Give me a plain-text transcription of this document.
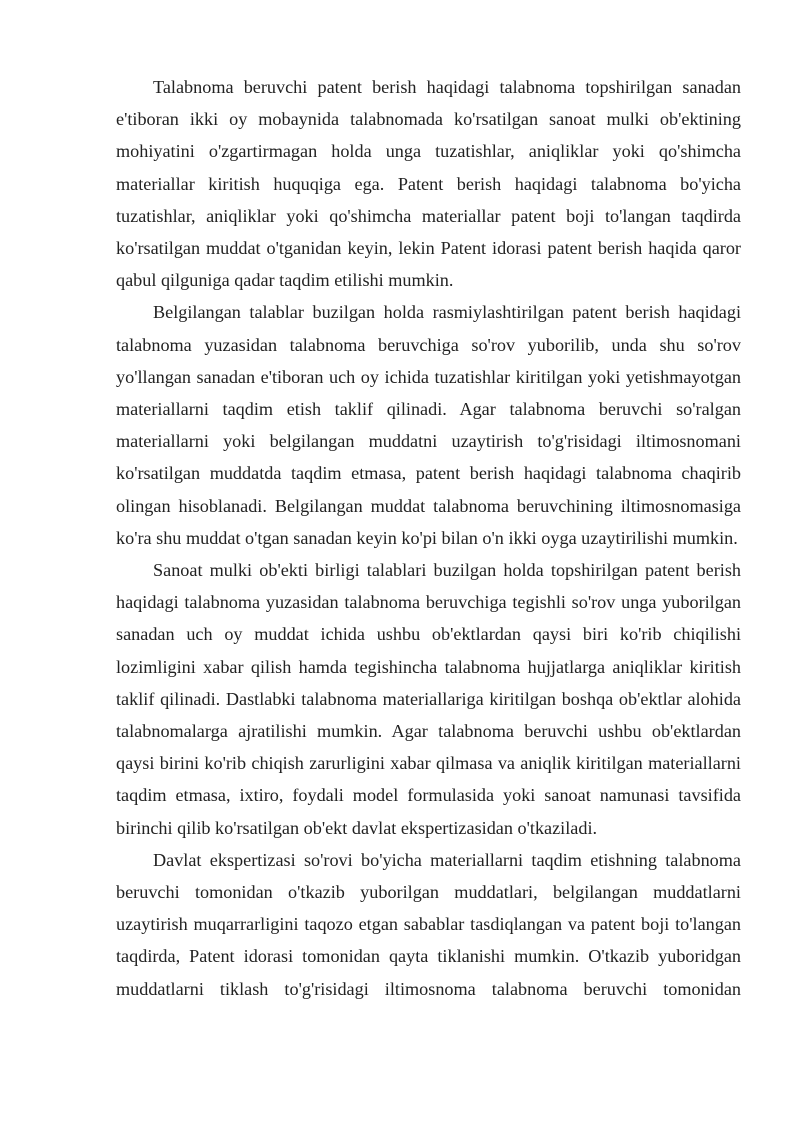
Talabnoma beruvchi patent berish haqidagi talabnoma topshirilgan sanadan e'tiboran ikki oy mobaynida talabnomada ko'rsatilgan sanoat mulki ob'ektining mohiyatini o'zgartirmagan holda unga tuzatishlar, aniqliklar yoki qo'shimcha materiallar kiritish huquqiga ega. Patent berish haqidagi talabnoma bo'yicha tuzatishlar, aniqliklar yoki qo'shimcha materiallar patent boji to'langan taqdirda ko'rsatilgan muddat o'tganidan keyin, lekin Patent idorasi patent berish haqida qaror qabul qilguniga qadar taqdim etilishi mumkin.

Belgilangan talablar buzilgan holda rasmiylashtirilgan patent berish haqidagi talabnoma yuzasidan talabnoma beruvchiga so'rov yuborilib, unda shu so'rov yo'llangan sanadan e'tiboran uch oy ichida tuzatishlar kiritilgan yoki yetishmayotgan materiallarni taqdim etish taklif qilinadi. Agar talabnoma beruvchi so'ralgan materiallarni yoki belgilangan muddatni uzaytirish to'g'risidagi iltimosnomani ko'rsatilgan muddatda taqdim etmasa, patent berish haqidagi talabnoma chaqirib olingan hisoblanadi. Belgilangan muddat talabnoma beruvchining iltimosnomasiga ko'ra shu muddat o'tgan sanadan keyin ko'pi bilan o'n ikki oyga uzaytirilishi mumkin.

Sanoat mulki ob'ekti birligi talablari buzilgan holda topshirilgan patent berish haqidagi talabnoma yuzasidan talabnoma beruvchiga tegishli so'rov unga yuborilgan sanadan uch oy muddat ichida ushbu ob'ektlardan qaysi biri ko'rib chiqilishi lozimligini xabar qilish hamda tegishincha talabnoma hujjatlarga aniqliklar kiritish taklif qilinadi. Dastlabki talabnoma materiallariga kiritilgan boshqa ob'ektlar alohida talabnomalarga ajratilishi mumkin. Agar talabnoma beruvchi ushbu ob'ektlardan qaysi birini ko'rib chiqish zarurligini xabar qilmasa va aniqlik kiritilgan materiallarni taqdim etmasa, ixtiro, foydali model formulasida yoki sanoat namunasi tavsifida birinchi qilib ko'rsatilgan ob'ekt davlat ekspertizasidan o'tkaziladi.

Davlat ekspertizasi so'rovi bo'yicha materiallarni taqdim etishning talabnoma beruvchi tomonidan o'tkazib yuborilgan muddatlari, belgilangan muddatlarni uzaytirish muqarrarligini taqozo etgan sabablar tasdiqlangan va patent boji to'langan taqdirda, Patent idorasi tomonidan qayta tiklanishi mumkin. O'tkazib yuboridgan muddatlarni tiklash to'g'risidagi iltimosnoma talabnoma beruvchi tomonidan
